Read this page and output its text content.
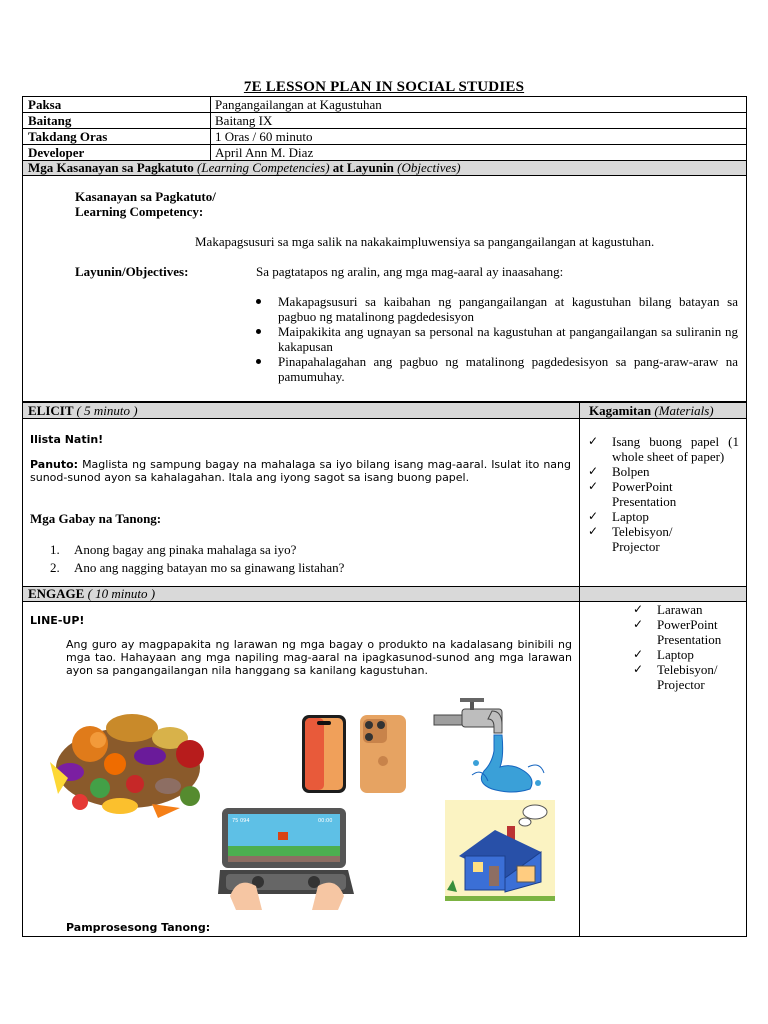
7E LESSON PLAN IN SOCIAL STUDIES
Paksa	Pangangailangan at Kagustuhan
Baitang	Baitang IX
Takdang Oras	1 Oras / 60 minuto
Developer	April Ann M. Diaz
Mga Kasanayan sa Pagkatuto (Learning Competencies) at Layunin (Objectives)
Kasanayan sa Pagkatuto/
Learning Competency:
Makapagsusuri sa mga salik na nakakaimpluwensiya sa pangangailangan at kagustuhan.
Layunin/Objectives:	Sa pagtatapos ng aralin, ang mga mag-aaral ay inaasahang:
Makapagsusuri sa kaibahan ng pangangailangan at kagustuhan bilang batayan sa pagbuo ng matalinong pagdedesisyon
Maipakikita ang ugnayan sa personal na kagustuhan at pangangailangan sa suliranin ng kakapusan
Pinapahalagahan ang pagbuo ng matalinong pagdedesisyon sa pang-araw-araw na pamumuhay.
ELICIT ( 5 minuto )	Kagamitan (Materials)
Ilista Natin!
Panuto: Maglista ng sampung bagay na mahalaga sa iyo bilang isang mag-aaral. Isulat ito nang sunod-sunod ayon sa kahalagahan. Itala ang iyong sagot sa isang buong papel.
Mga Gabay na Tanong:
1. Anong bagay ang pinaka mahalaga sa iyo?
2. Ano ang nagging batayan mo sa ginawang listahan?
✓ Isang buong papel (1 whole sheet of paper)
✓ Bolpen
✓ PowerPoint Presentation
✓ Laptop
✓ Telebisyon/ Projector
ENGAGE ( 10 minuto )
LINE-UP!
Ang guro ay magpapakita ng larawan ng mga bagay o produkto na kadalasang binibili ng mga tao. Hahayaan ang mga napiling mag-aaral na ipagkasunod-sunod ang mga larawan ayon sa pangangailangan nila hanggang sa kanilang kagustuhan.
✓ Larawan
✓ PowerPoint Presentation
✓ Laptop
✓ Telebisyon/ Projector
75 094	00:00
Pamprosesong Tanong:
